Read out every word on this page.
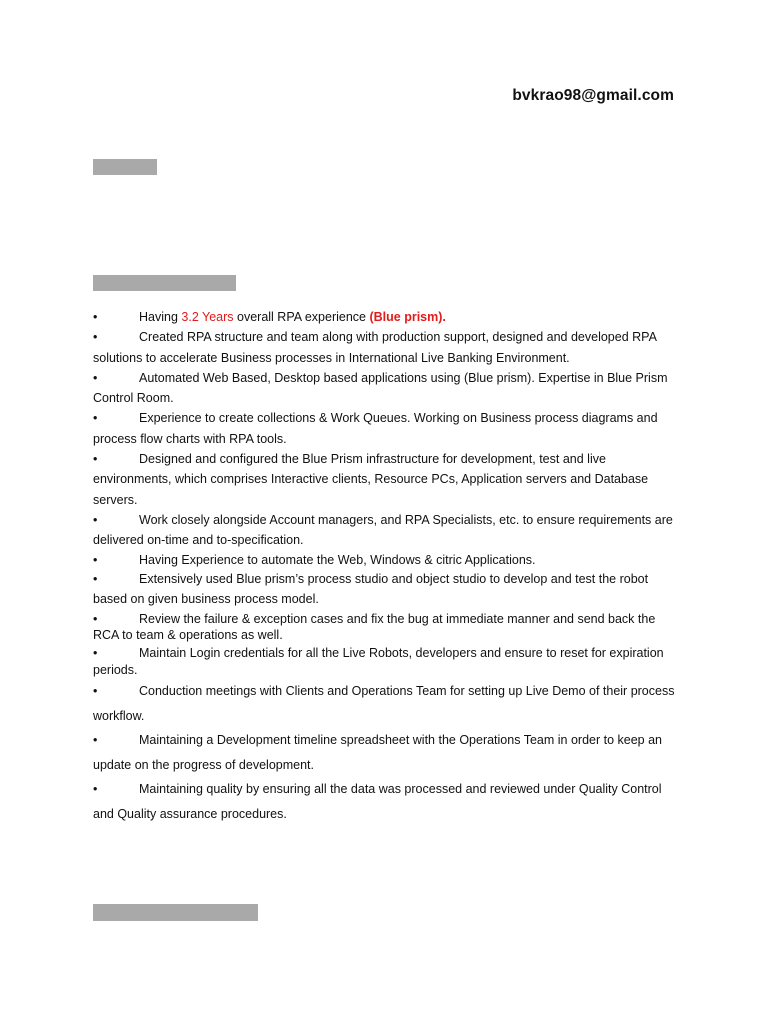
bvkrao98@gmail.com
•	Having 3.2 Years overall RPA experience (Blue prism).
•	Created RPA structure and team along with production support, designed and developed RPA solutions to accelerate Business processes in International Live Banking Environment.
•	Automated Web Based, Desktop based applications using (Blue prism). Expertise in Blue Prism Control Room.
•	Experience to create collections & Work Queues. Working on Business process diagrams and process flow charts with RPA tools.
•	Designed and configured the Blue Prism infrastructure for development, test and live environments, which comprises Interactive clients, Resource PCs, Application servers and Database servers.
•	Work closely alongside Account managers, and RPA Specialists, etc. to ensure requirements are delivered on-time and to-specification.
•	Having Experience to automate the Web, Windows & citric Applications.
•	Extensively used Blue prism’s process studio and object studio to develop and test the robot based on given business process model.
•	Review the failure & exception cases and fix the bug at immediate manner and send back the RCA to team & operations as well.
•	Maintain Login credentials for all the Live Robots, developers and ensure to reset for expiration periods.
•	Conduction meetings with Clients and Operations Team for setting up Live Demo of their process workflow.
•	Maintaining a Development timeline spreadsheet with the Operations Team in order to keep an update on the progress of development.
•	Maintaining quality by ensuring all the data was processed and reviewed under Quality Control and Quality assurance procedures.
